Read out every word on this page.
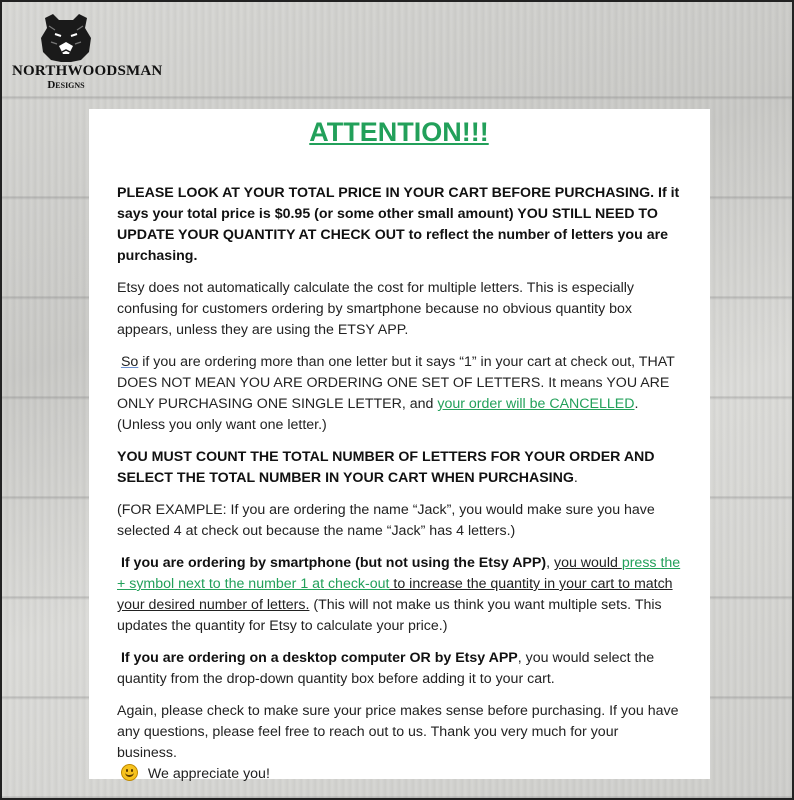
NORTHWOODSMAN
Designs
ATTENTION!!!

PLEASE LOOK AT YOUR TOTAL PRICE IN YOUR CART BEFORE PURCHASING. If it says your total price is $0.95 (or some other small amount) YOU STILL NEED TO UPDATE YOUR QUANTITY AT CHECK OUT to reflect the number of letters you are purchasing.

Etsy does not automatically calculate the cost for multiple letters. This is especially confusing for customers ordering by smartphone because no obvious quantity box appears, unless they are using the ETSY APP.

So if you are ordering more than one letter but it says “1” in your cart at check out, THAT DOES NOT MEAN YOU ARE ORDERING ONE SET OF LETTERS. It means YOU ARE ONLY PURCHASING ONE SINGLE LETTER, and your order will be CANCELLED. (Unless you only want one letter.)

YOU MUST COUNT THE TOTAL NUMBER OF LETTERS FOR YOUR ORDER AND SELECT THE TOTAL NUMBER IN YOUR CART WHEN PURCHASING.

(FOR EXAMPLE: If you are ordering the name “Jack”, you would make sure you have selected 4 at check out because the name “Jack” has 4 letters.)

If you are ordering by smartphone (but not using the Etsy APP), you would press the + symbol next to the number 1 at check-out to increase the quantity in your cart to match your desired number of letters. (This will not make us think you want multiple sets. This updates the quantity for Etsy to calculate your price.)

If you are ordering on a desktop computer OR by Etsy APP, you would select the quantity from the drop-down quantity box before adding it to your cart.

Again, please check to make sure your price makes sense before purchasing. If you have any questions, please feel free to reach out to us. Thank you very much for your business.

We appreciate you!
